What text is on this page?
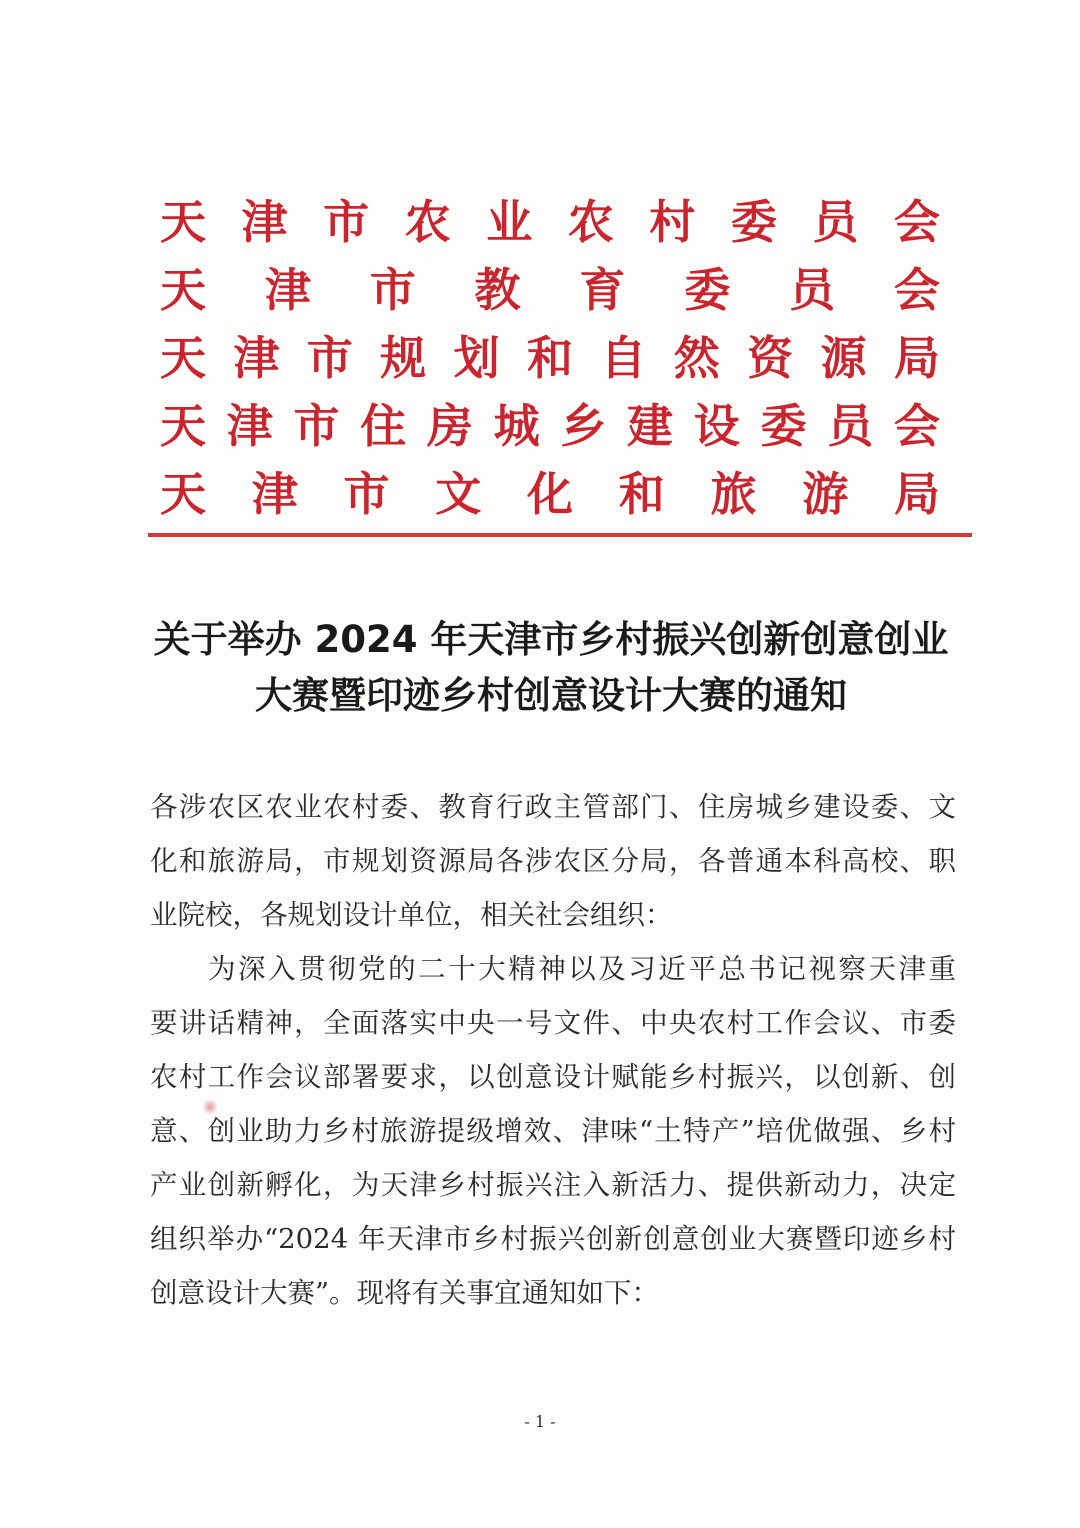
天 津 市 农 业 农 村 委 员 会
天 津 市 教 育 委 员 会
天 津 市 规 划 和 自 然 资 源 局
天 津 市 住 房 城 乡 建 设 委 员 会
天 津 市 文 化 和 旅 游 局
关于举办 2024 年天津市乡村振兴创新创意创业
大赛暨印迹乡村创意设计大赛的通知
各涉农区农业农村委、教育行政主管部门、住房城乡建设委、文
化和旅游局，市规划资源局各涉农区分局，各普通本科高校、职
业院校，各规划设计单位，相关社会组织：
为深入贯彻党的二十大精神以及习近平总书记视察天津重
要讲话精神，全面落实中央一号文件、中央农村工作会议、市委
农村工作会议部署要求，以创意设计赋能乡村振兴，以创新、创
意、创业助力乡村旅游提级增效、津味“土特产”培优做强、乡村
产业创新孵化，为天津乡村振兴注入新活力、提供新动力，决定
组织举办“2024 年天津市乡村振兴创新创意创业大赛暨印迹乡村
创意设计大赛”。现将有关事宜通知如下：
- 1 -
